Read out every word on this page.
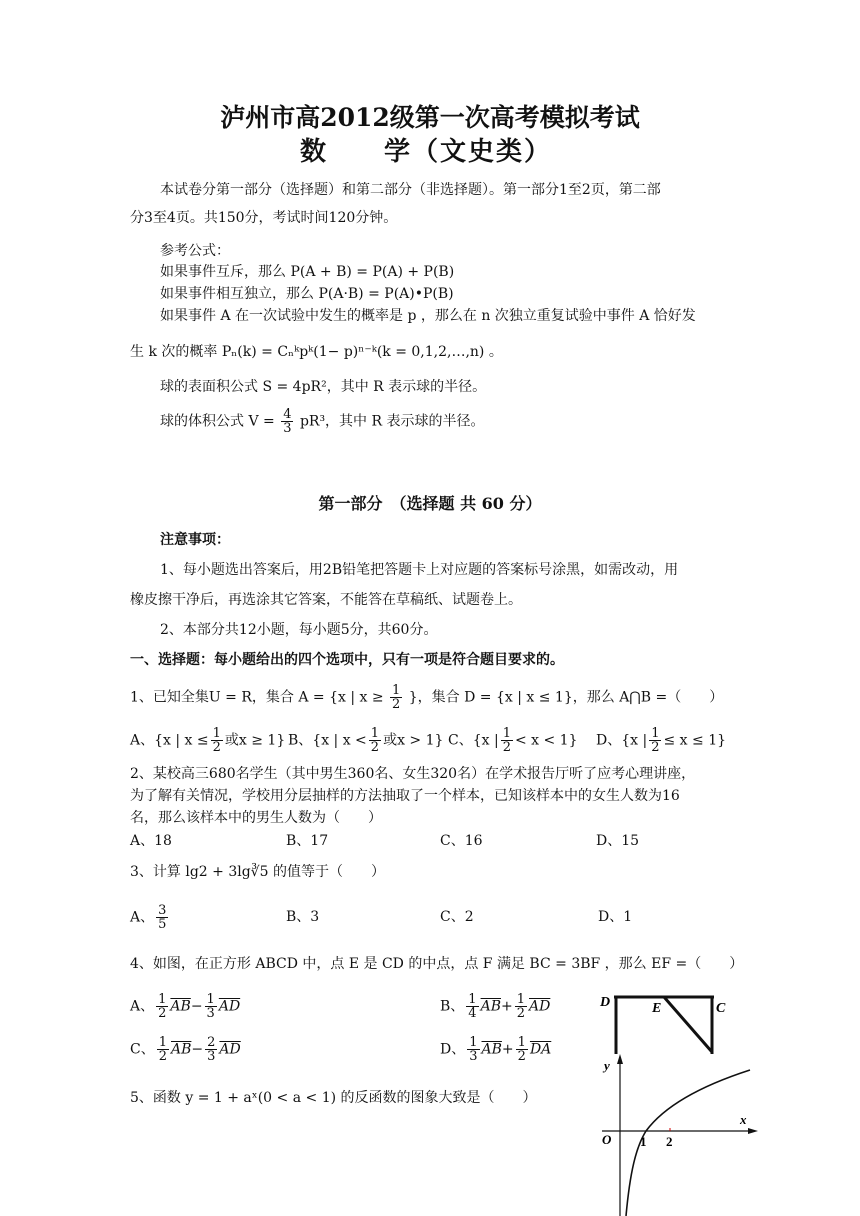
泸州市高2012级第一次高考模拟考试
数　　学（文史类）
本试卷分第一部分（选择题）和第二部分（非选择题）。第一部分1至2页，第二部
分3至4页。共150分，考试时间120分钟。
参考公式：
如果事件互斥，那么 P(A + B) = P(A) + P(B)
如果事件相互独立，那么 P(A·B) = P(A)•P(B)
如果事件 A 在一次试验中发生的概率是 p ，那么在 n 次独立重复试验中事件 A 恰好发
生 k 次的概率 Pₙ(k) = Cₙᵏpᵏ(1− p)ⁿ⁻ᵏ(k = 0,1,2,…,n) 。
球的表面积公式 S = 4pR²，其中 R 表示球的半径。
球的体积公式 $V = \frac{4}{3} pR^3$，其中 R 表示球的半径。
第一部分　（选择题 共 60 分）
注意事项：
1、每小题选出答案后，用2B铅笔把答题卡上对应题的答案标号涂黑，如需改动，用
橡皮擦干净后，再选涂其它答案，不能答在草稿纸、试题卷上。
2、本部分共12小题，每小题5分，共60分。
一、选择题：每小题给出的四个选项中，只有一项是符合题目要求的。
1、已知全集U = R，集合 A = {x | $x \ge \frac{1}{2}$ }，集合 D = {x | x ≤ 1}，那么 A⋂B =（　　）
A、{x | $x \le \frac{1}{2}$ 或x ≥ 1} B、{x | $x < \frac{1}{2}$ 或x > 1} C、{x | $\frac{1}{2} < x < 1$} D、{x | $\frac{1}{2} \le x \le 1$}
2、某校高三680名学生（其中男生360名、女生320名）在学术报告厅听了应考心理讲座，
为了解有关情况，学校用分层抽样的方法抽取了一个样本，已知该样本中的女生人数为16
名，那么该样本中的男生人数为（　　）
A、18	B、17	C、16	D、15
3、计算 lg2 + 3lg∛5 的值等于（　　）
A、 $\frac{3}{5}$	B、3	C、2	D、1
4、如图，在正方形 ABCD 中，点 E 是 CD 的中点，点 F 满足 BC = 3BF ，那么 EF =（　　）
A、 $\frac{1}{2} \overline{AB}- \frac{1}{3} \overline{AD}$	B、 $\frac{1}{4} \overline{AB}+ \frac{1}{2} \overline{AD}$
C、 $\frac{1}{2} \overline{AB}- \frac{2}{3} \overline{AD}$	D、 $\frac{1}{3} \overline{AB}+ \frac{1}{2} \overline{DA}$
5、函数 y = 1 + aˣ(0 < a < 1) 的反函数的图象大致是（　　）
D	E	C
y
x
O 1 2
